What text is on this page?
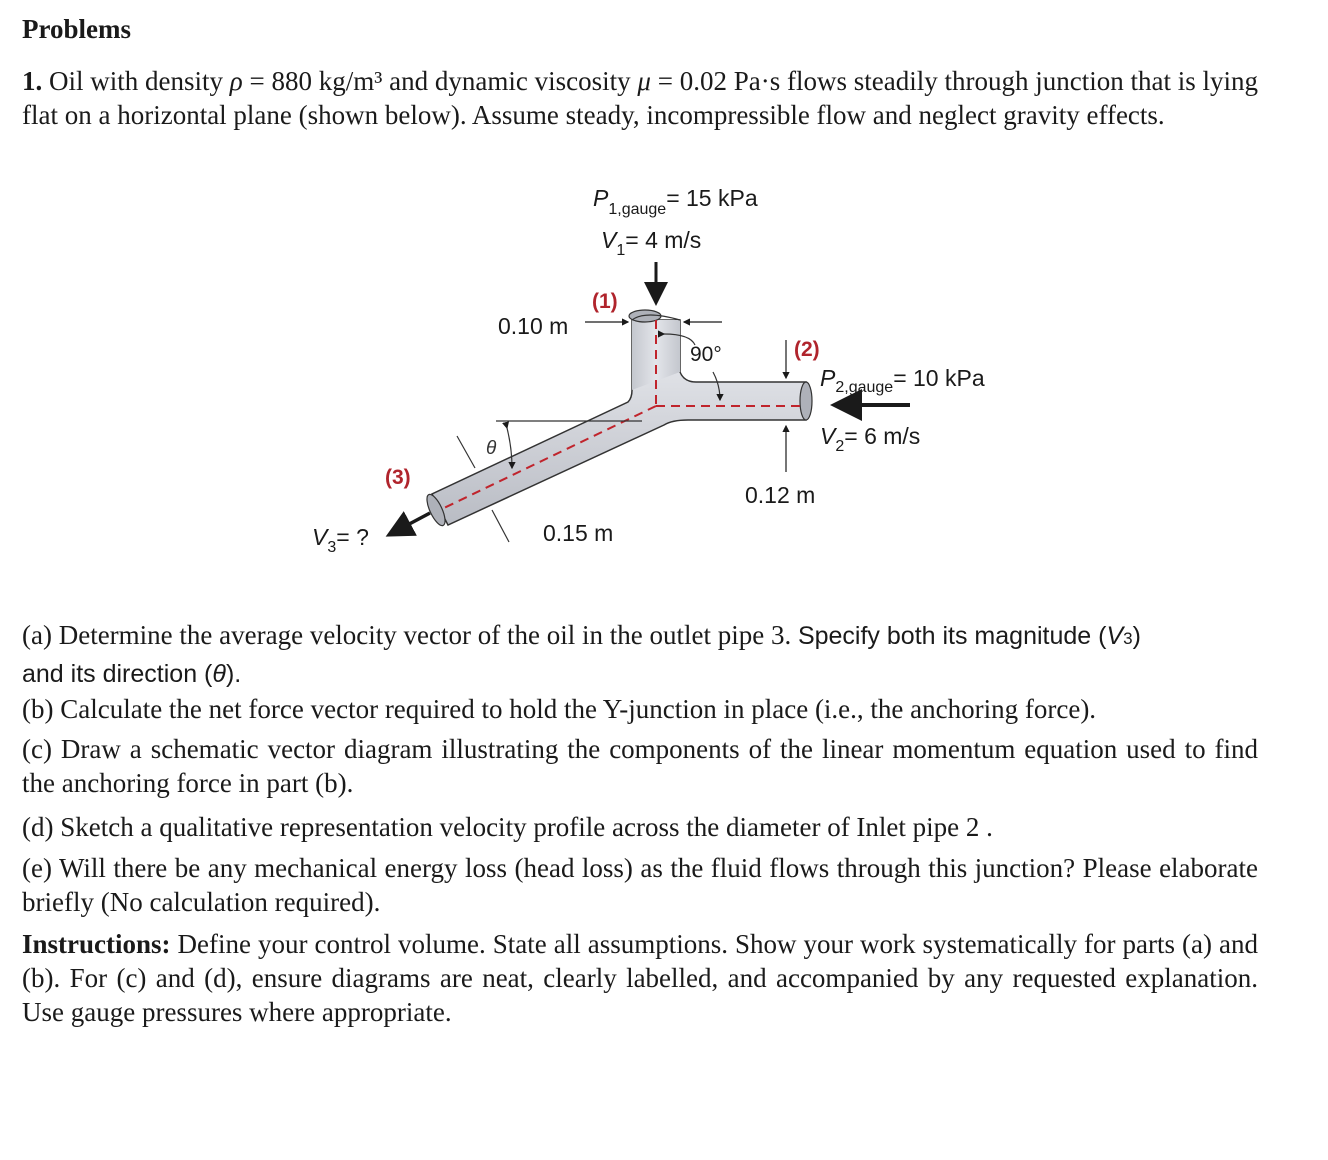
Problems
1. Oil with density ρ = 880 kg/m³ and dynamic viscosity μ = 0.02 Pa·s flows steadily through junction that is lying flat on a horizontal plane (shown below). Assume steady, incompressible flow and neglect gravity effects.
θ
$P_{1,gauge}= 15$ kPa
$V_1= 4$ m/s
(1)
0.10 m
90°	(2)
$P_{2,gauge}= 10$ kPa
$V_2= 6$ m/s
(3)
0.12 m
$V_3=$ ?	0.15 m
(a) Determine the average velocity vector of the oil in the outlet pipe 3. Specify both its magnitude (V3)
and its direction (θ).
(b) Calculate the net force vector required to hold the Y-junction in place (i.e., the anchoring force).
(c) Draw a schematic vector diagram illustrating the components of the linear momentum equation used to find the anchoring force in part (b).
(d) Sketch a qualitative representation velocity profile across the diameter of Inlet pipe 2 .
(e) Will there be any mechanical energy loss (head loss) as the fluid flows through this junction? Please elaborate briefly (No calculation required).
Instructions: Define your control volume. State all assumptions. Show your work systematically for parts (a) and (b). For (c) and (d), ensure diagrams are neat, clearly labelled, and accompanied by any requested explanation. Use gauge pressures where appropriate.
